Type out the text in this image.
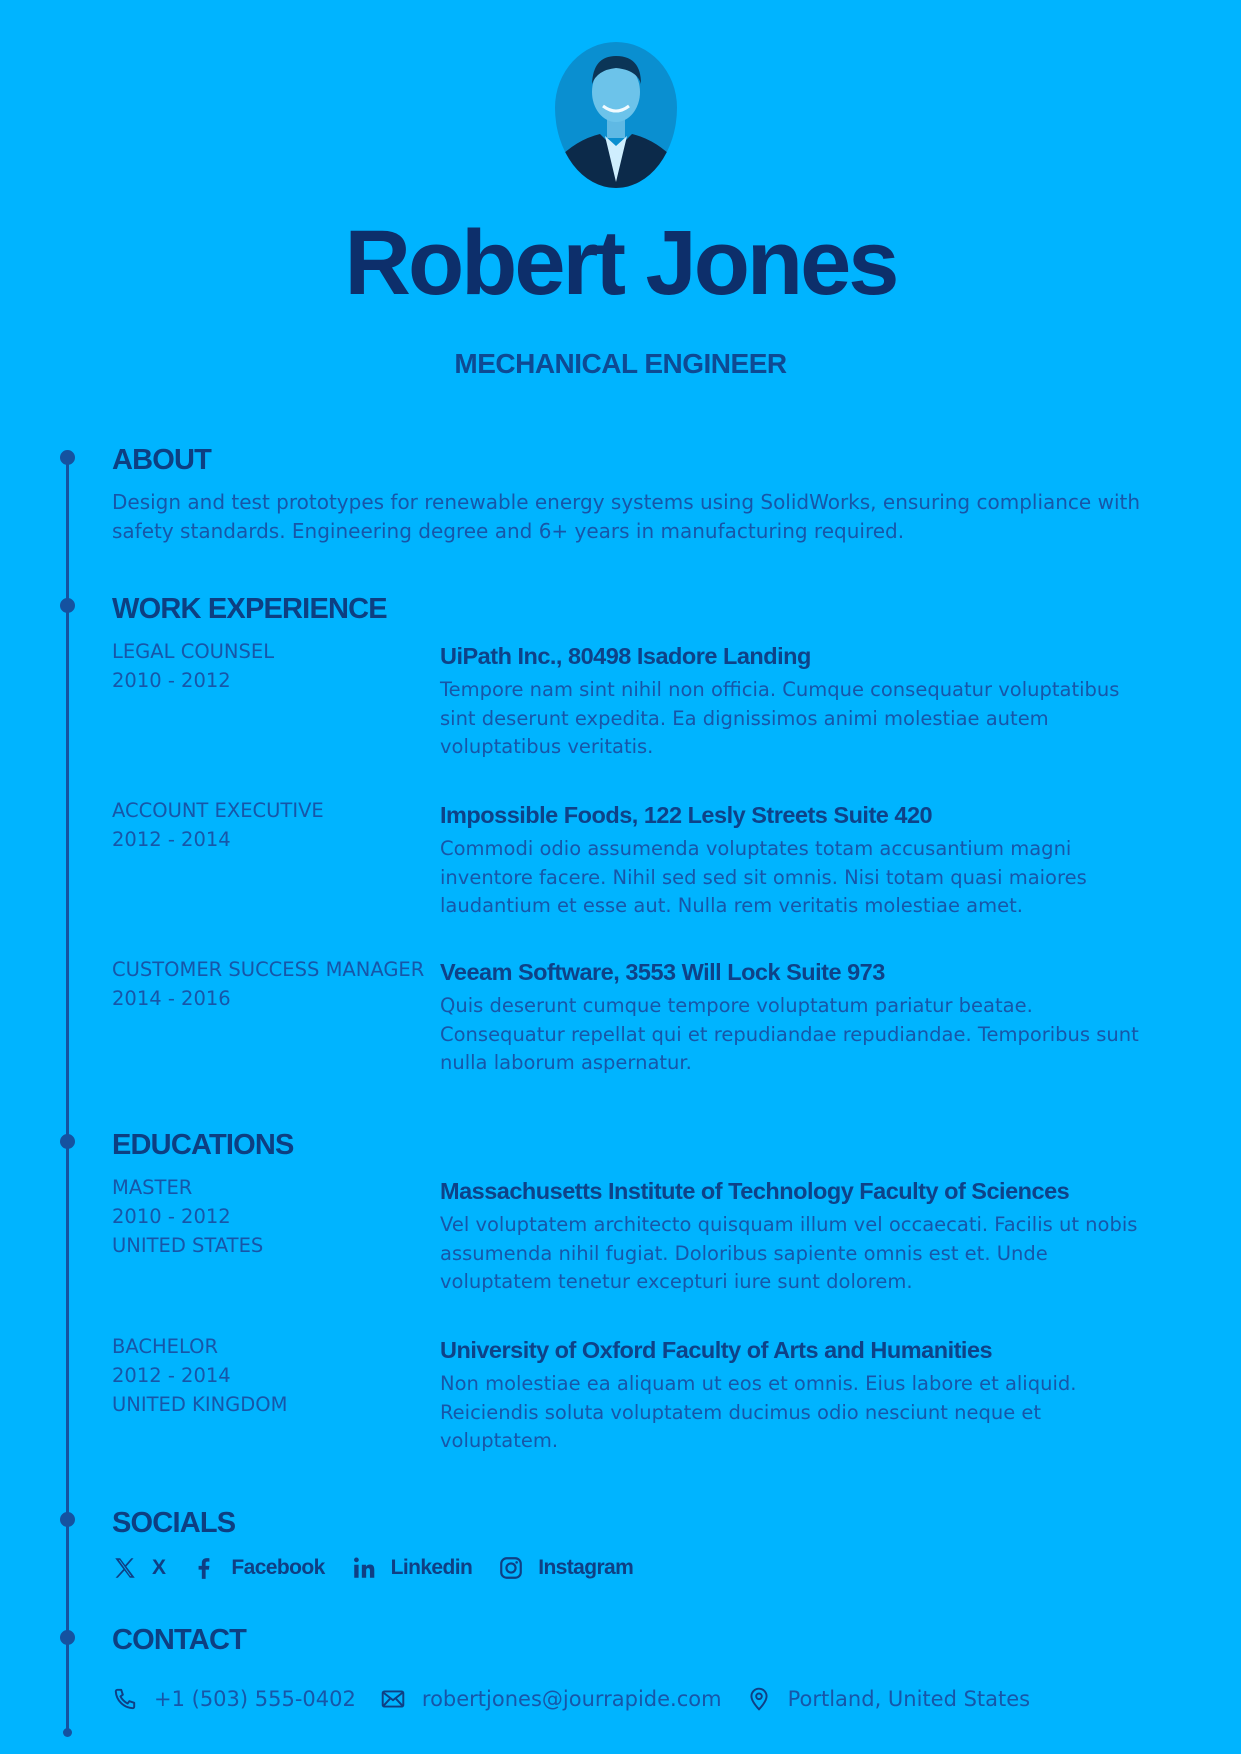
Robert Jones
MECHANICAL ENGINEER
ABOUT
Design and test prototypes for renewable energy systems using SolidWorks, ensuring compliance with safety standards. Engineering degree and 6+ years in manufacturing required.
WORK EXPERIENCE
LEGAL COUNSEL
2010 - 2012
UiPath Inc., 80498 Isadore Landing
Tempore nam sint nihil non officia. Cumque consequatur voluptatibus sint deserunt expedita. Ea dignissimos animi molestiae autem voluptatibus veritatis.
ACCOUNT EXECUTIVE
2012 - 2014
Impossible Foods, 122 Lesly Streets Suite 420
Commodi odio assumenda voluptates totam accusantium magni inventore facere. Nihil sed sed sit omnis. Nisi totam quasi maiores laudantium et esse aut. Nulla rem veritatis molestiae amet.
CUSTOMER SUCCESS MANAGER
2014 - 2016
Veeam Software, 3553 Will Lock Suite 973
Quis deserunt cumque tempore voluptatum pariatur beatae. Consequatur repellat qui et repudiandae repudiandae. Temporibus sunt nulla laborum aspernatur.
EDUCATIONS
MASTER
2010 - 2012
UNITED STATES
Massachusetts Institute of Technology Faculty of Sciences
Vel voluptatem architecto quisquam illum vel occaecati. Facilis ut nobis assumenda nihil fugiat. Doloribus sapiente omnis est et. Unde voluptatem tenetur excepturi iure sunt dolorem.
BACHELOR
2012 - 2014
UNITED KINGDOM
University of Oxford Faculty of Arts and Humanities
Non molestiae ea aliquam ut eos et omnis. Eius labore et aliquid. Reiciendis soluta voluptatem ducimus odio nesciunt neque et voluptatem.
SOCIALS
X	Facebook	Linkedin	Instagram
CONTACT
+1 (503) 555-0402	robertjones@jourrapide.com	Portland, United States
